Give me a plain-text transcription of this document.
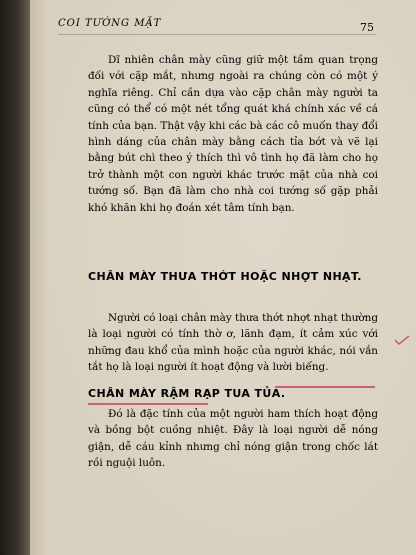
COI TƯỚNG MẶT	75

Dĩ nhiên chân mày cũng giữ một tầm quan trọng đối với cặp mắt, nhưng ngoài ra chúng còn có một ý nghĩa riêng. Chỉ cần dựa vào cặp chân mày người ta cũng có thể có một nét tổng quát khá chính xác về cá tính của bạn. Thật vậy khi các bà các cô muốn thay đổi hình dáng của chân mày bằng cách tỉa bớt và vẽ lại bằng bút chì theo ý thích thì vô tình họ đã làm cho họ trở thành một con người khác trước mặt của nhà coi tướng số. Bạn đã làm cho nhà coi tướng số gặp phải khó khăn khi họ đoán xét tâm tính bạn.

CHÂN MÀY THƯA THỚT HOẶC NHỢT NHẠT.

Người có loại chân mày thưa thớt nhợt nhạt thường là loại người có tính thờ ơ, lãnh đạm, ít cảm xúc với những đau khổ của mình hoặc của người khác, nói vắn tắt họ là loại người ít hoạt động và lười biếng.

CHÂN MÀY RẬM RẠP TUA TỦA.

Đó là đặc tính của một người ham thích hoạt động và bồng bột cuồng nhiệt. Đây là loại người dễ nóng giận, dễ cáu kỉnh nhưng chỉ nóng giận trong chốc lát rồi nguội luôn.
